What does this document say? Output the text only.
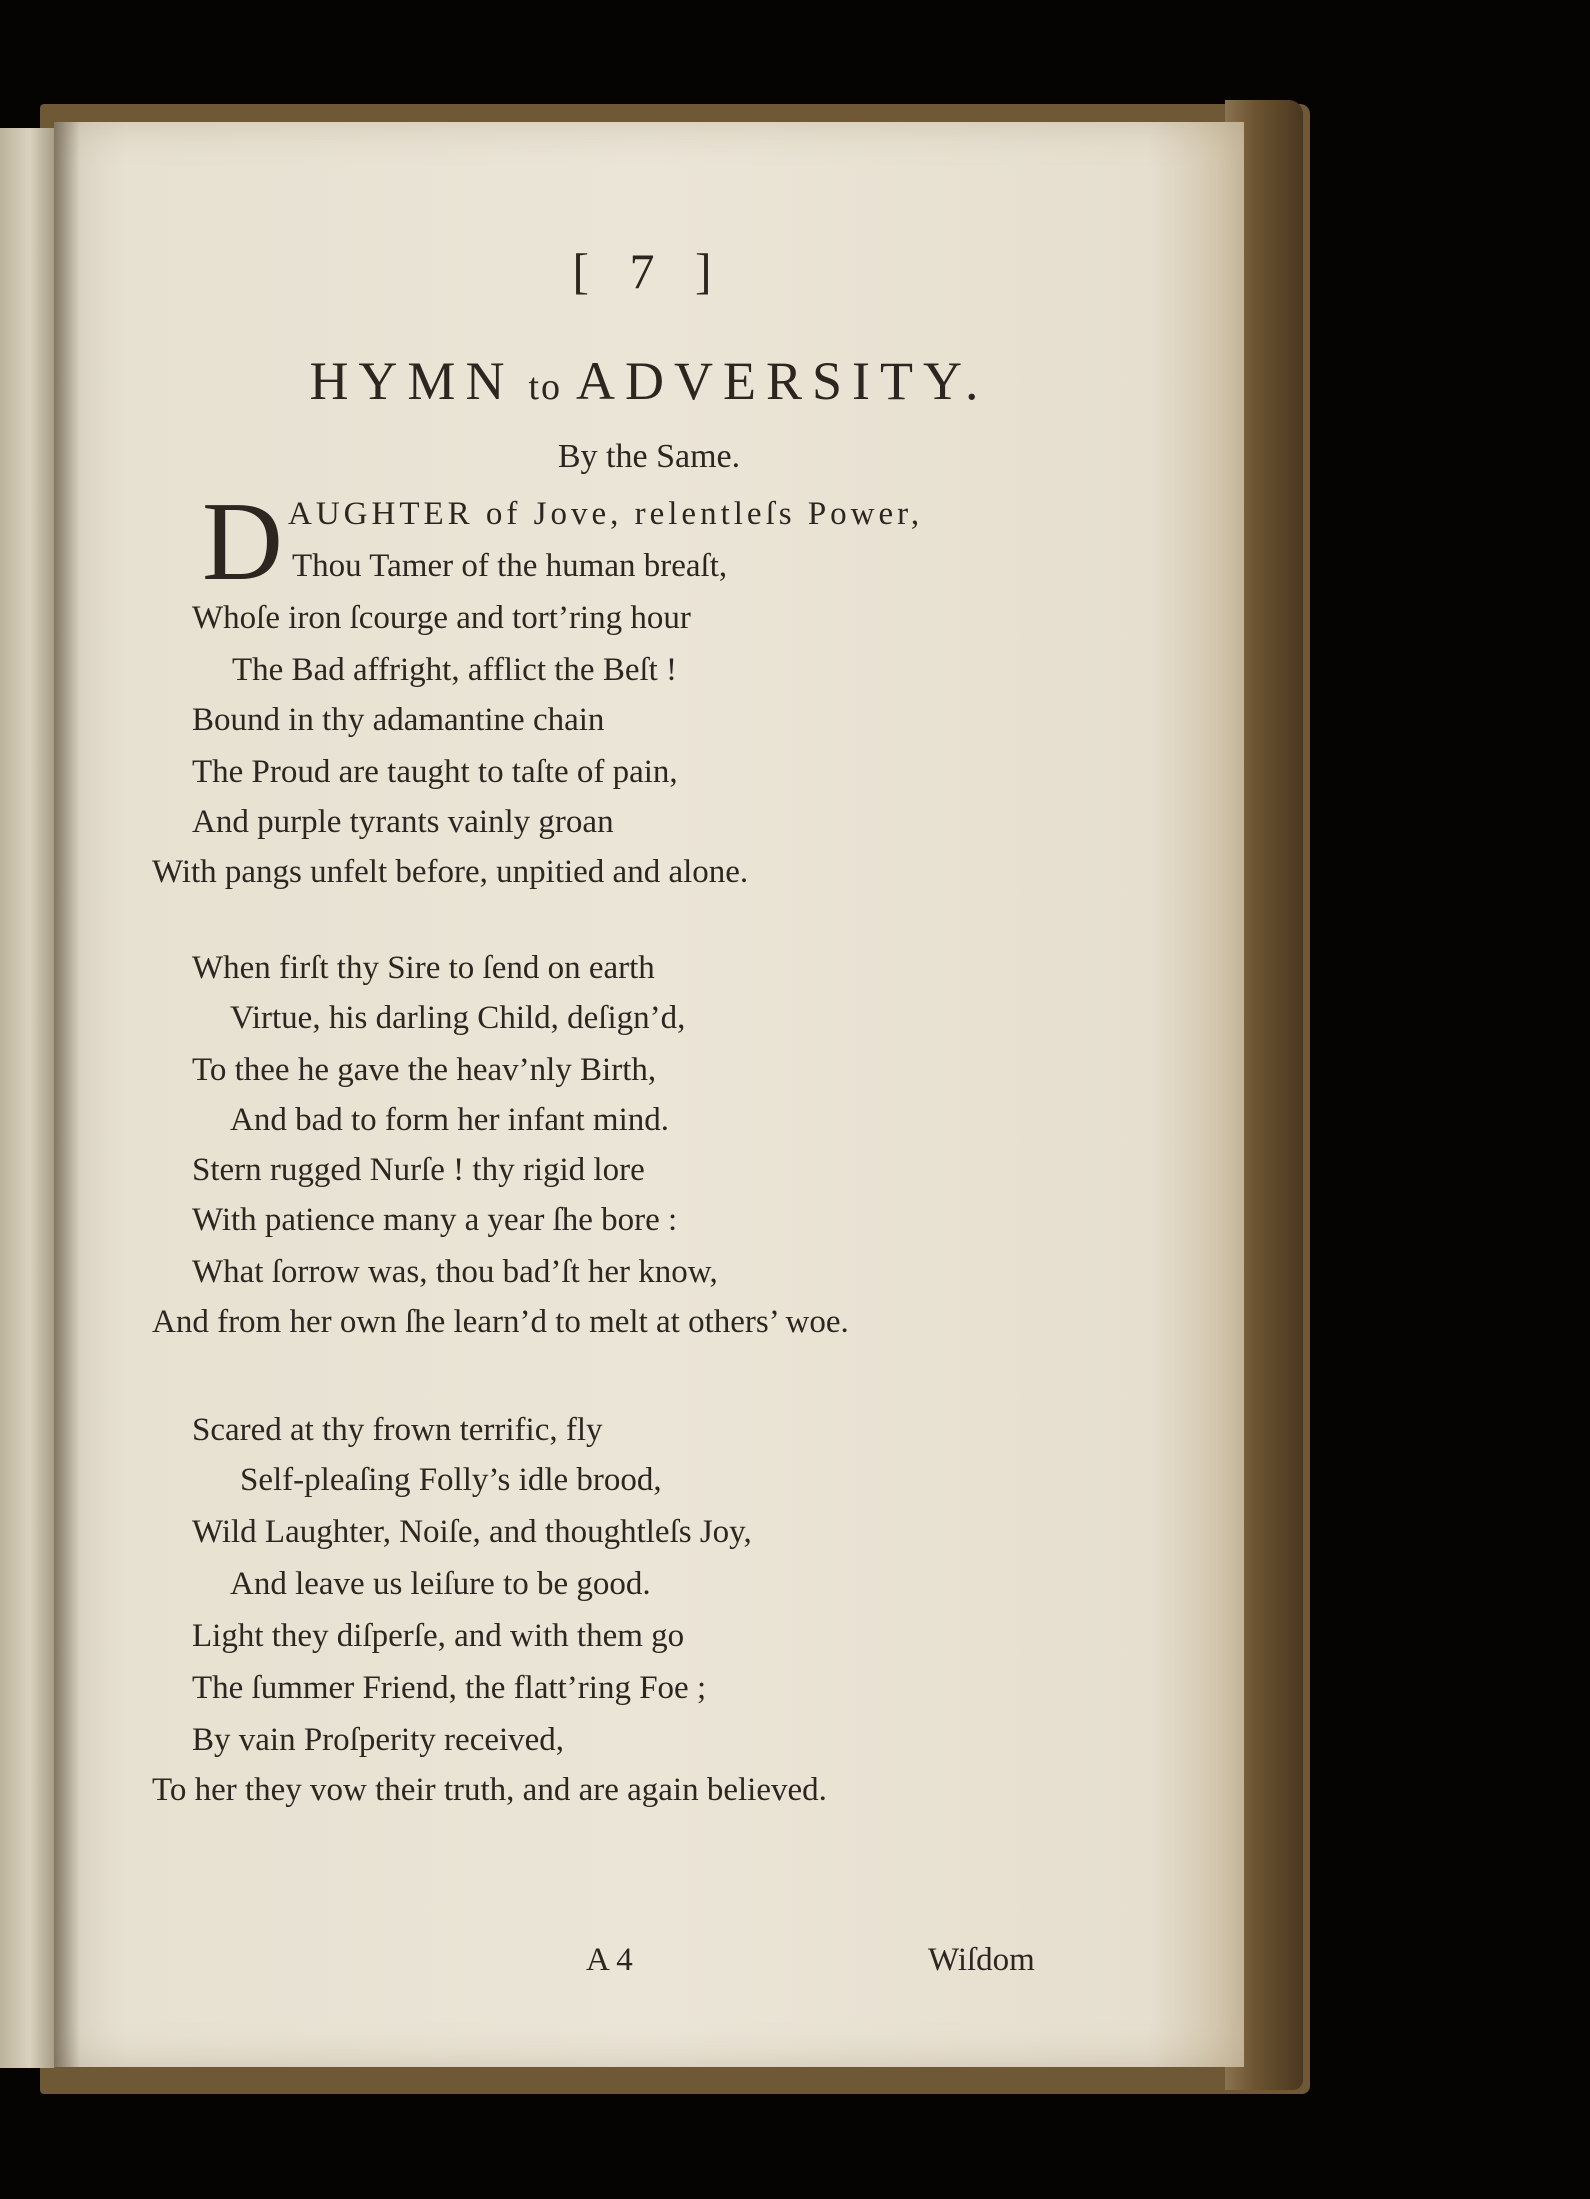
[ 7 ]
HYMN to ADVERSITY.
By the Same.
D AUGHTER of Jove, relentleſs Power,
Thou Tamer of the human breaſt,
Whoſe iron ſcourge and tort’ring hour
The Bad affright, afflict the Beſt !
Bound in thy adamantine chain
The Proud are taught to taſte of pain,
And purple tyrants vainly groan
With pangs unfelt before, unpitied and alone.
When firſt thy Sire to ſend on earth
Virtue, his darling Child, deſign’d,
To thee he gave the heav’nly Birth,
And bad to form her infant mind.
Stern rugged Nurſe ! thy rigid lore
With patience many a year ſhe bore :
What ſorrow was, thou bad’ſt her know,
And from her own ſhe learn’d to melt at others’ woe.
Scared at thy frown terrific, fly
Self-pleaſing Folly’s idle brood,
Wild Laughter, Noiſe, and thoughtleſs Joy,
And leave us leiſure to be good.
Light they diſperſe, and with them go
The ſummer Friend, the flatt’ring Foe ;
By vain Proſperity received,
To her they vow their truth, and are again believed.
A 4	Wiſdom
